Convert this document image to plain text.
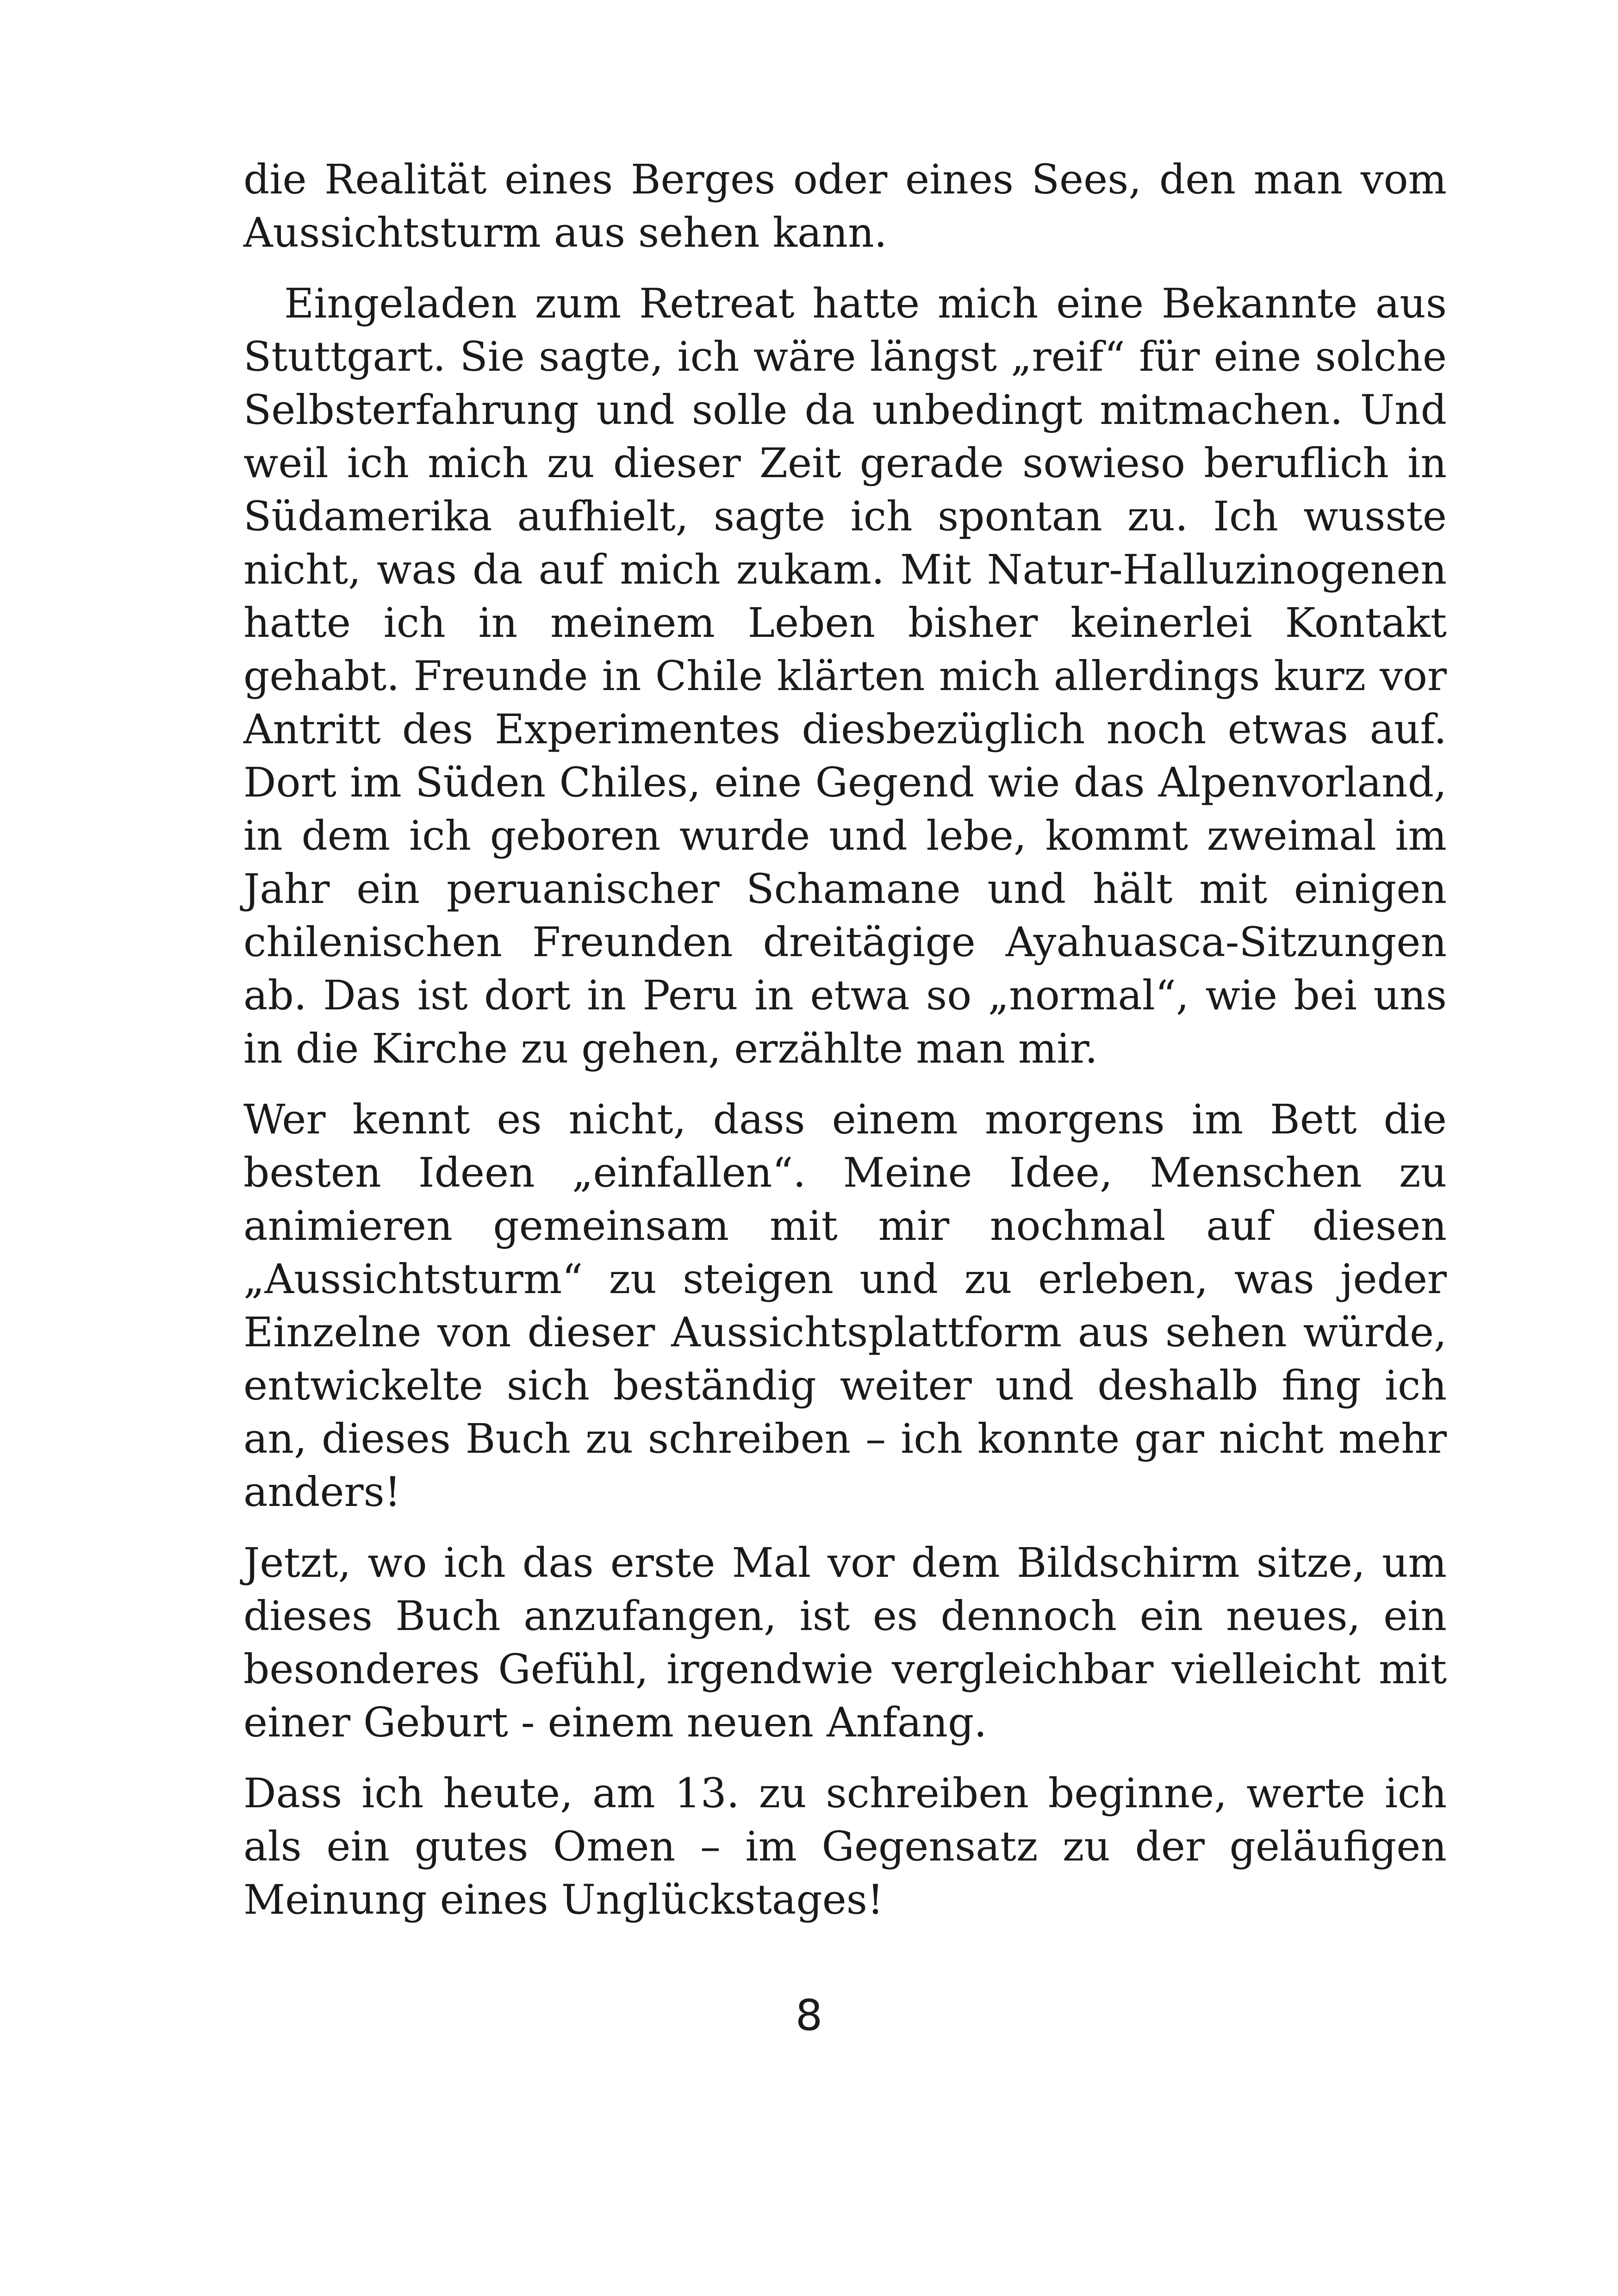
die Realität eines Berges oder eines Sees, den man vom Aussichtsturm aus sehen kann.

Eingeladen zum Retreat hatte mich eine Bekannte aus Stuttgart. Sie sagte, ich wäre längst „reif“ für eine solche Selbsterfahrung und solle da unbedingt mitmachen. Und weil ich mich zu dieser Zeit gerade sowieso beruflich in Südamerika aufhielt, sagte ich spontan zu. Ich wusste nicht, was da auf mich zukam. Mit Natur-Halluzinogenen hatte ich in meinem Leben bisher keinerlei Kontakt gehabt. Freunde in Chile klärten mich allerdings kurz vor Antritt des Experimentes diesbezüglich noch etwas auf. Dort im Süden Chiles, eine Gegend wie das Alpenvorland, in dem ich geboren wurde und lebe, kommt zweimal im Jahr ein peruanischer Schamane und hält mit einigen chilenischen Freunden dreitägige Ayahuasca-Sitzungen ab. Das ist dort in Peru in etwa so „normal“, wie bei uns in die Kirche zu gehen, erzählte man mir.

Wer kennt es nicht, dass einem morgens im Bett die besten Ideen „einfallen“. Meine Idee, Menschen zu animieren gemeinsam mit mir nochmal auf diesen „Aussichtsturm“ zu steigen und zu erleben, was jeder Einzelne von dieser Aussichtsplattform aus sehen würde, entwickelte sich beständig weiter und deshalb fing ich an, dieses Buch zu schreiben – ich konnte gar nicht mehr anders!

Jetzt, wo ich das erste Mal vor dem Bildschirm sitze, um dieses Buch anzufangen, ist es dennoch ein neues, ein besonderes Gefühl, irgendwie vergleichbar vielleicht mit einer Geburt - einem neuen Anfang.

Dass ich heute, am 13. zu schreiben beginne, werte ich als ein gutes Omen – im Gegensatz zu der geläufigen Meinung eines Unglückstages!

8
